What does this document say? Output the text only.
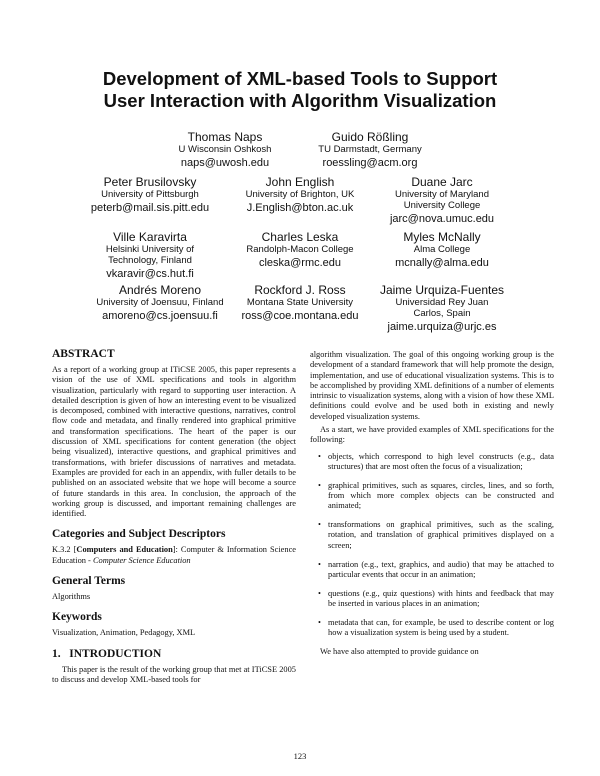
Development of XML-based Tools to Support
User Interaction with Algorithm Visualization
Thomas Naps
U Wisconsin Oshkosh
naps@uwosh.edu
Guido Rößling
TU Darmstadt, Germany
roessling@acm.org
Peter Brusilovsky
University of Pittsburgh
peterb@mail.sis.pitt.edu
John English
University of Brighton, UK
J.English@bton.ac.uk
Duane Jarc
University of Maryland University College
jarc@nova.umuc.edu
Ville Karavirta
Helsinki University of Technology, Finland
vkaravir@cs.hut.fi
Charles Leska
Randolph-Macon College
cleska@rmc.edu
Myles McNally
Alma College
mcnally@alma.edu
Andrés Moreno
University of Joensuu, Finland
amoreno@cs.joensuu.fi
Rockford J. Ross
Montana State University
ross@coe.montana.edu
Jaime Urquiza-Fuentes
Universidad Rey Juan Carlos, Spain
jaime.urquiza@urjc.es
ABSTRACT

As a report of a working group at ITiCSE 2005, this paper represents a vision of the use of XML specifications and tools in algorithm visualization, particularly with regard to supporting user interaction. A detailed description is given of how an interesting event to be visualized is decomposed, combined with interactive questions, narratives, control flow code and metadata, and finally rendered into graphical primitive and transformation specifications. The heart of the paper is our discussion of XML specifications for content generation (the object being visualized), interactive questions, and graphical primitives and transformations, with briefer discussions of narratives and metadata. Examples are provided for each in an appendix, with fuller details to be published on an associated website that we hope will become a source of future standards in this area. In conclusion, the approach of the working group is discussed, and important remaining challenges are identified.

Categories and Subject Descriptors

K.3.2 [Computers and Education]: Computer & Information Science Education - Computer Science Education

General Terms

Algorithms

Keywords

Visualization, Animation, Pedagogy, XML

1.   INTRODUCTION

This paper is the result of the working group that met at ITiCSE 2005 to discuss and develop XML-based tools for

algorithm visualization. The goal of this ongoing working group is the development of a standard framework that will help promote the design, implementation, and use of educational visualization systems. This is to be accomplished by providing XML definitions of a number of elements intrinsic to visualization systems, along with a vision of how these XML definitions could evolve and be used both in existing and newly developed visualization systems.

As a start, we have provided examples of XML specifications for the following:

• objects, which correspond to high level constructs (e.g., data structures) that are most often the focus of a visualization;
• graphical primitives, such as squares, circles, lines, and so forth, from which more complex objects can be constructed and animated;
• transformations on graphical primitives, such as the scaling, rotation, and translation of graphical primitives displayed on a screen;
• narration (e.g., text, graphics, and audio) that may be attached to particular events that occur in an animation;
• questions (e.g., quiz questions) with hints and feedback that may be inserted in various places in an animation;
• metadata that can, for example, be used to describe content or log how a visualization system is being used by a student.

We have also attempted to provide guidance on

123
